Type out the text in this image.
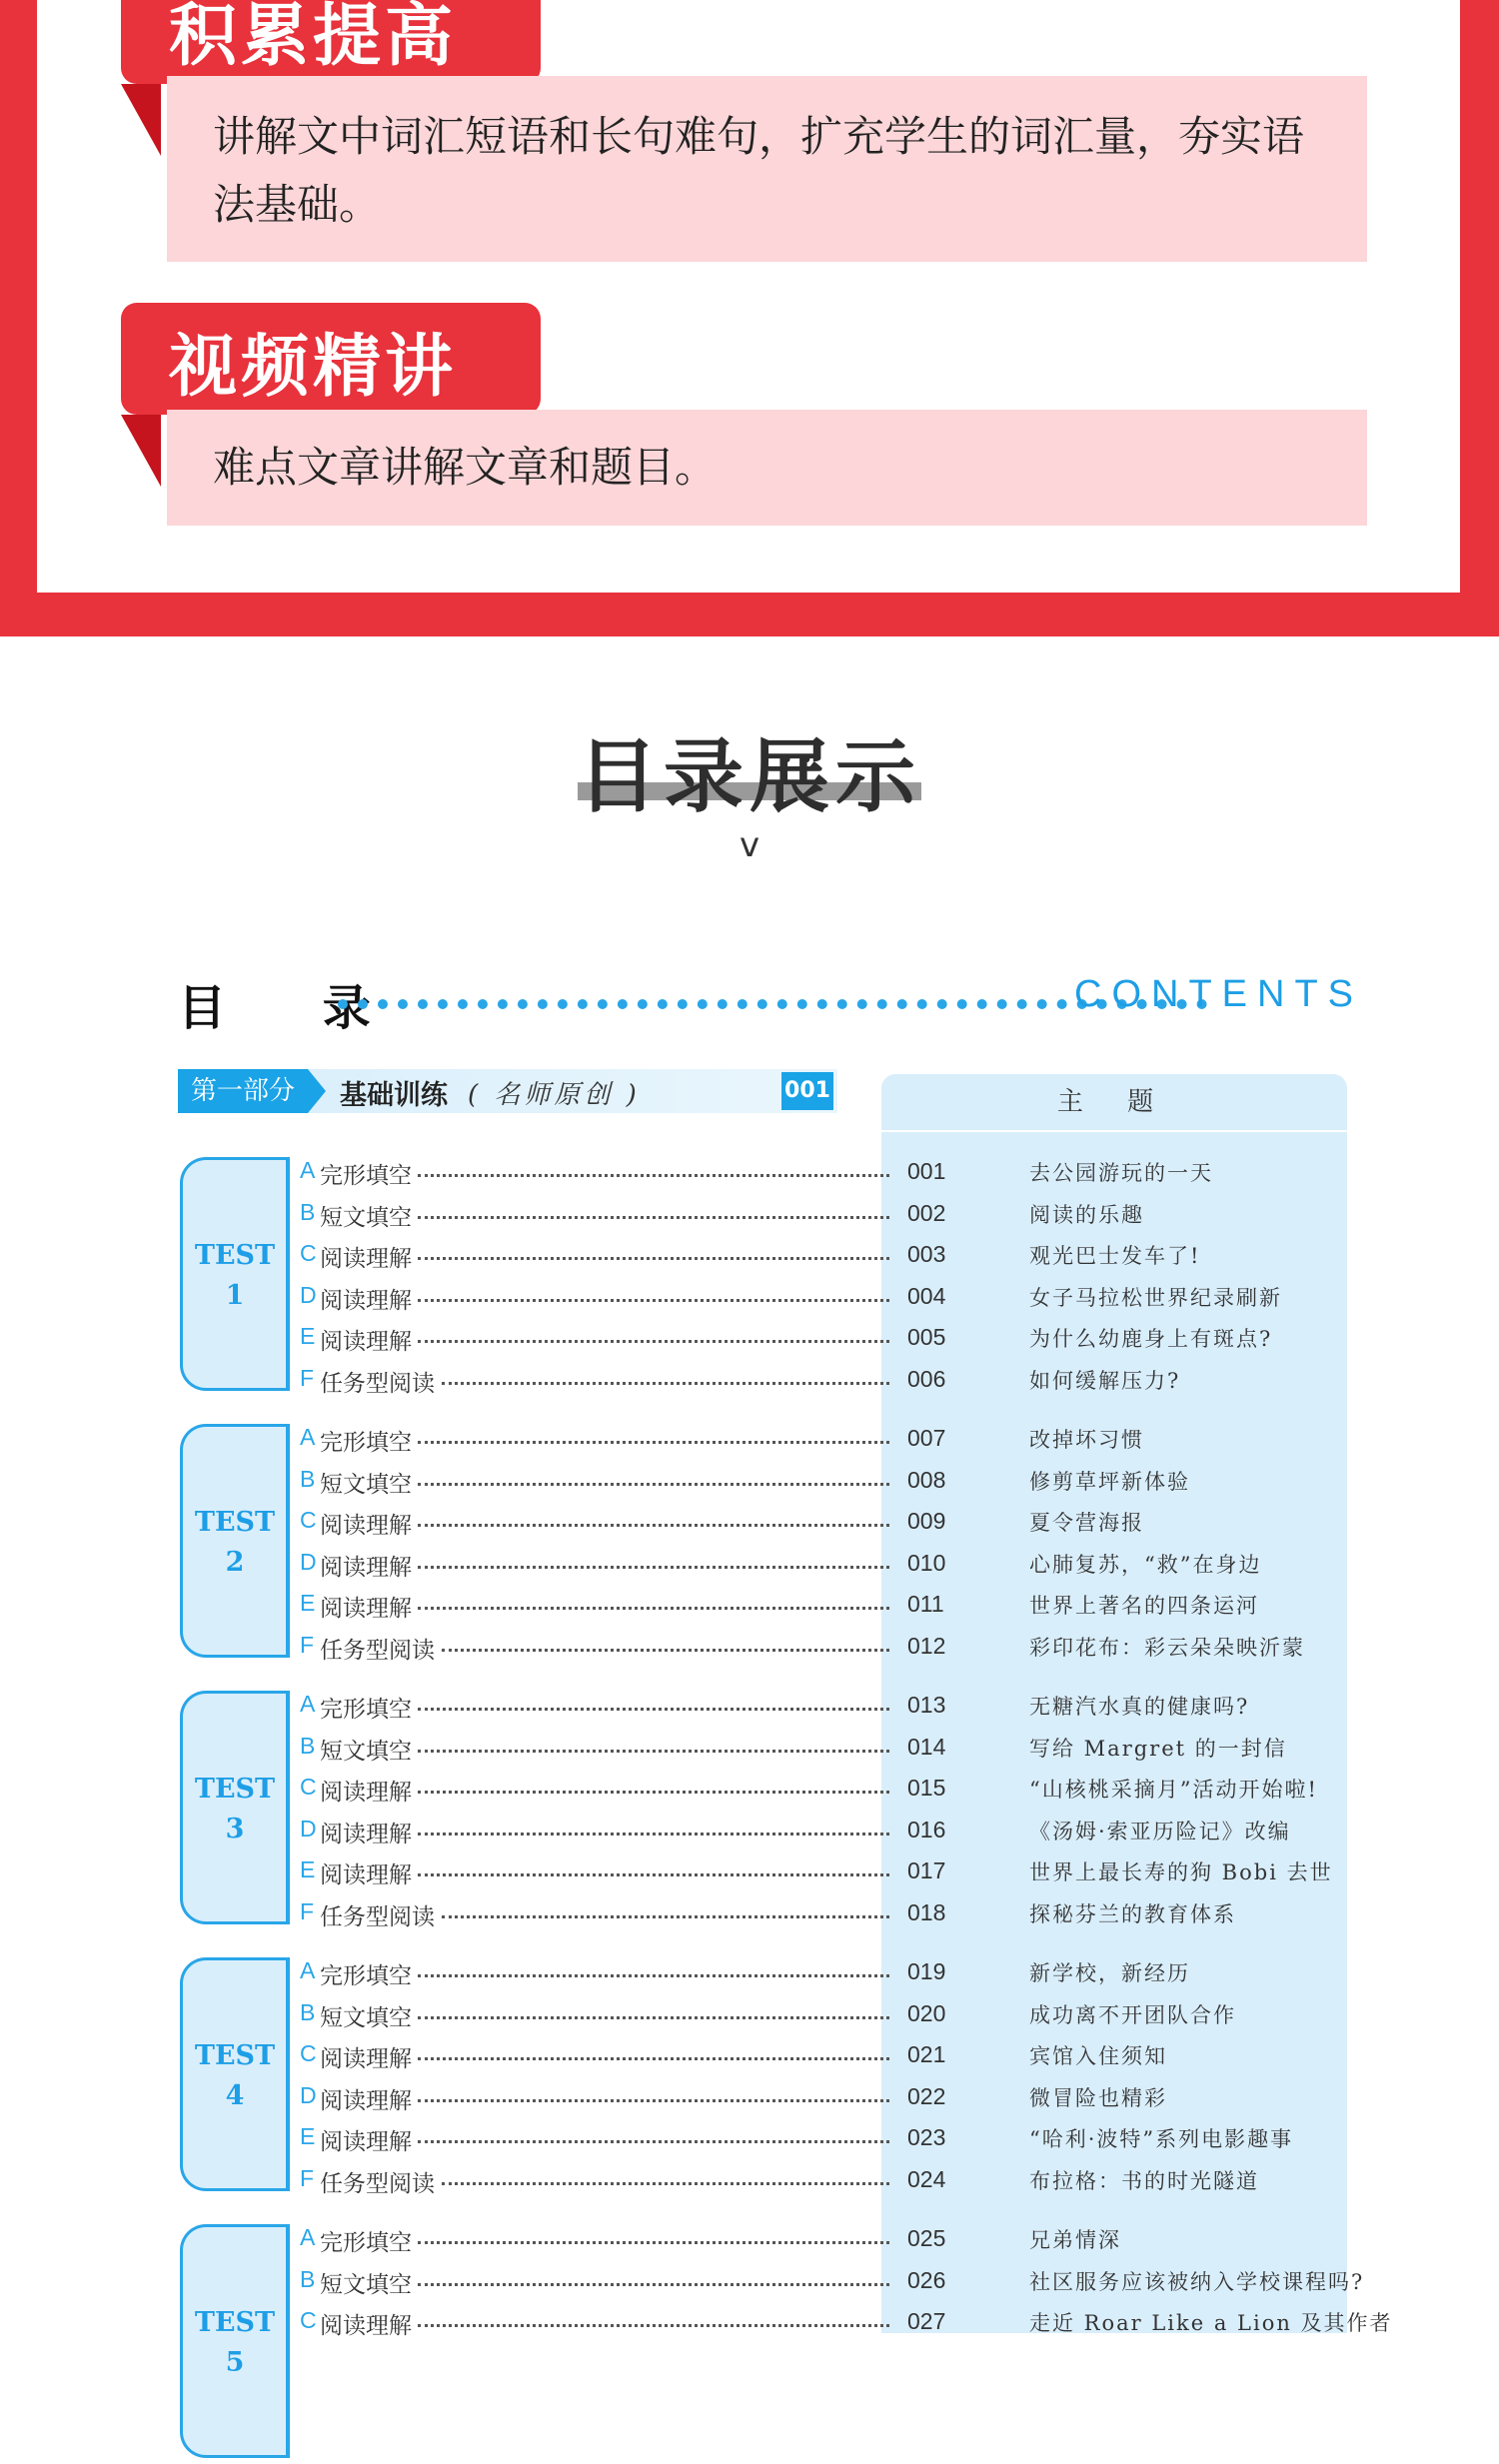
积累提高

讲解文中词汇短语和长句难句，扩充学生的词汇量，夯实语法基础。

视频精讲

难点文章讲解文章和题目。

目录展示
v
目 录	CONTENTS
第一部分	基础训练 ( 名师原创 )	001	主 题
TEST
1
A 完形填空	001	去公园游玩的一天
B 短文填空	002	阅读的乐趣
C 阅读理解	003	观光巴士发车了!
D 阅读理解	004	女子马拉松世界纪录刷新
E 阅读理解	005	为什么幼鹿身上有斑点?
F 任务型阅读	006	如何缓解压力?
TEST
2
A 完形填空	007	改掉坏习惯
B 短文填空	008	修剪草坪新体验
C 阅读理解	009	夏令营海报
D 阅读理解	010	心肺复苏，“救”在身边
E 阅读理解	011	世界上著名的四条运河
F 任务型阅读	012	彩印花布：彩云朵朵映沂蒙
TEST
3
A 完形填空	013	无糖汽水真的健康吗?
B 短文填空	014	写给 Margret 的一封信
C 阅读理解	015	“山核桃采摘月”活动开始啦!
D 阅读理解	016	《汤姆·索亚历险记》改编
E 阅读理解	017	世界上最长寿的狗 Bobi 去世
F 任务型阅读	018	探秘芬兰的教育体系
TEST
4
A 完形填空	019	新学校，新经历
B 短文填空	020	成功离不开团队合作
C 阅读理解	021	宾馆入住须知
D 阅读理解	022	微冒险也精彩
E 阅读理解	023	“哈利·波特”系列电影趣事
F 任务型阅读	024	布拉格：书的时光隧道
TEST
5
A 完形填空	025	兄弟情深
B 短文填空	026	社区服务应该被纳入学校课程吗?
C 阅读理解	027	走近 Roar Like a Lion 及其作者
